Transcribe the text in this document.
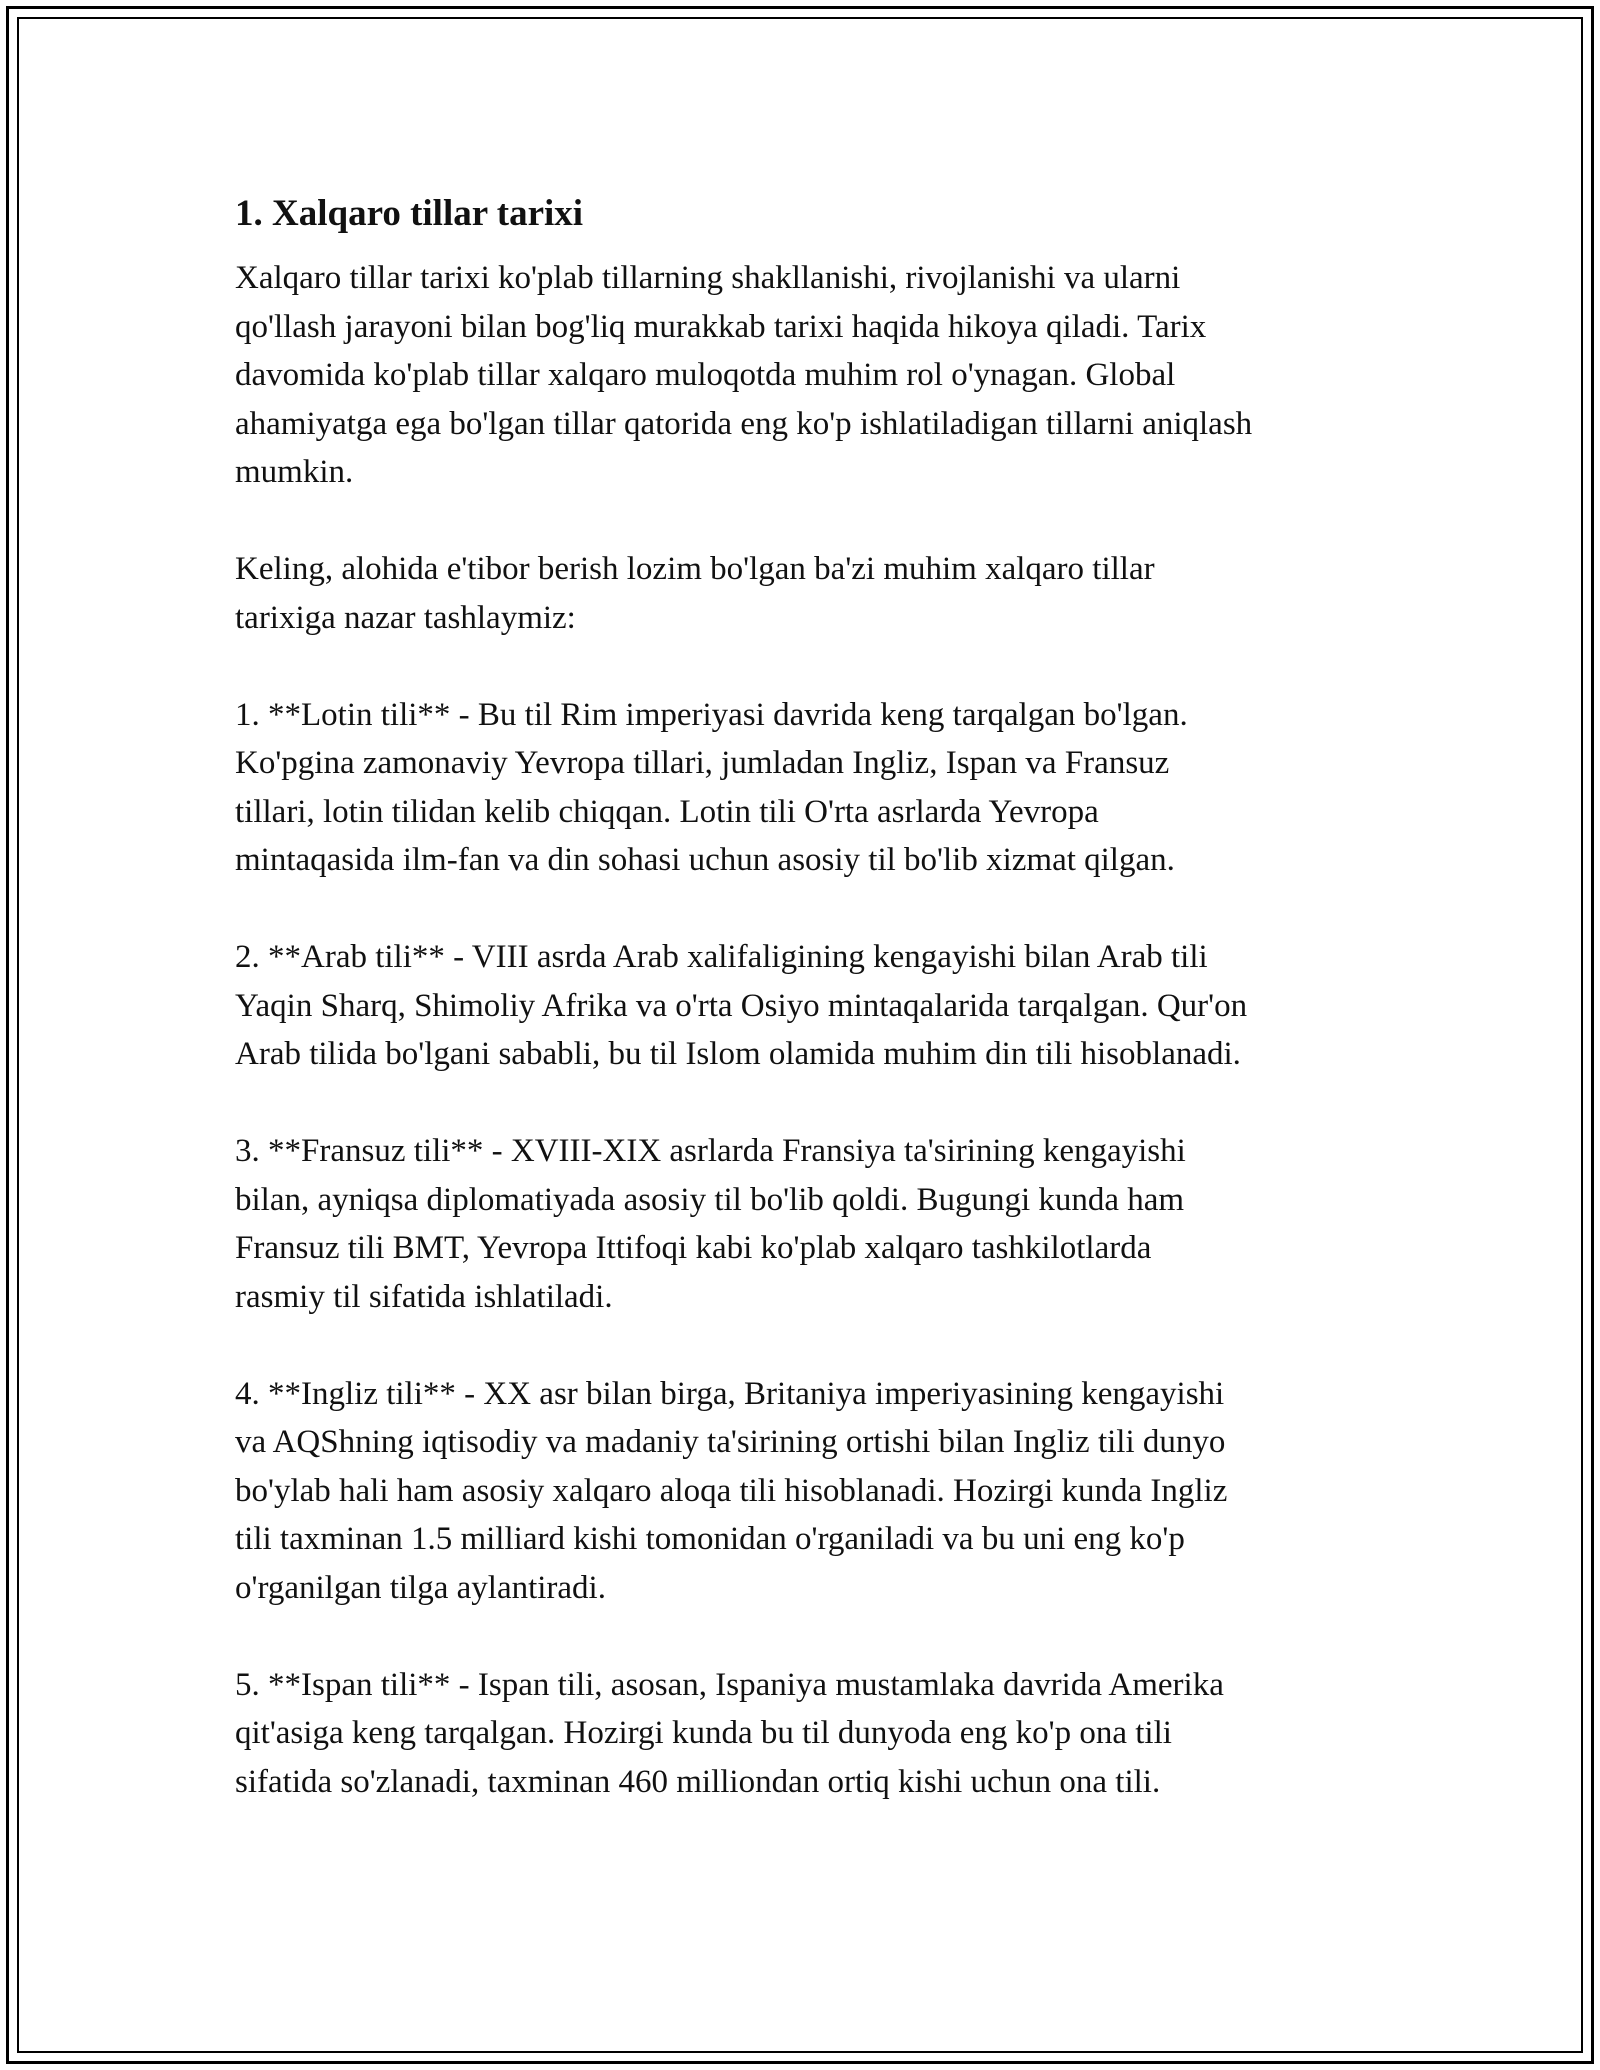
1. Xalqaro tillar tarixi

Xalqaro tillar tarixi ko'plab tillarning shakllanishi, rivojlanishi va ularni
qo'llash jarayoni bilan bog'liq murakkab tarixi haqida hikoya qiladi. Tarix
davomida ko'plab tillar xalqaro muloqotda muhim rol o'ynagan. Global
ahamiyatga ega bo'lgan tillar qatorida eng ko'p ishlatiladigan tillarni aniqlash
mumkin.

Keling, alohida e'tibor berish lozim bo'lgan ba'zi muhim xalqaro tillar
tarixiga nazar tashlaymiz:

1. **Lotin tili** - Bu til Rim imperiyasi davrida keng tarqalgan bo'lgan.
Ko'pgina zamonaviy Yevropa tillari, jumladan Ingliz, Ispan va Fransuz
tillari, lotin tilidan kelib chiqqan. Lotin tili O'rta asrlarda Yevropa
mintaqasida ilm-fan va din sohasi uchun asosiy til bo'lib xizmat qilgan.

2. **Arab tili** - VIII asrda Arab xalifaligining kengayishi bilan Arab tili
Yaqin Sharq, Shimoliy Afrika va o'rta Osiyo mintaqalarida tarqalgan. Qur'on
Arab tilida bo'lgani sababli, bu til Islom olamida muhim din tili hisoblanadi.

3. **Fransuz tili** - XVIII-XIX asrlarda Fransiya ta'sirining kengayishi
bilan, ayniqsa diplomatiyada asosiy til bo'lib qoldi. Bugungi kunda ham
Fransuz tili BMT, Yevropa Ittifoqi kabi ko'plab xalqaro tashkilotlarda
rasmiy til sifatida ishlatiladi.

4. **Ingliz tili** - XX asr bilan birga, Britaniya imperiyasining kengayishi
va AQShning iqtisodiy va madaniy ta'sirining ortishi bilan Ingliz tili dunyo
bo'ylab hali ham asosiy xalqaro aloqa tili hisoblanadi. Hozirgi kunda Ingliz
tili taxminan 1.5 milliard kishi tomonidan o'rganiladi va bu uni eng ko'p
o'rganilgan tilga aylantiradi.

5. **Ispan tili** - Ispan tili, asosan, Ispaniya mustamlaka davrida Amerika
qit'asiga keng tarqalgan. Hozirgi kunda bu til dunyoda eng ko'p ona tili
sifatida so'zlanadi, taxminan 460 milliondan ortiq kishi uchun ona tili.
